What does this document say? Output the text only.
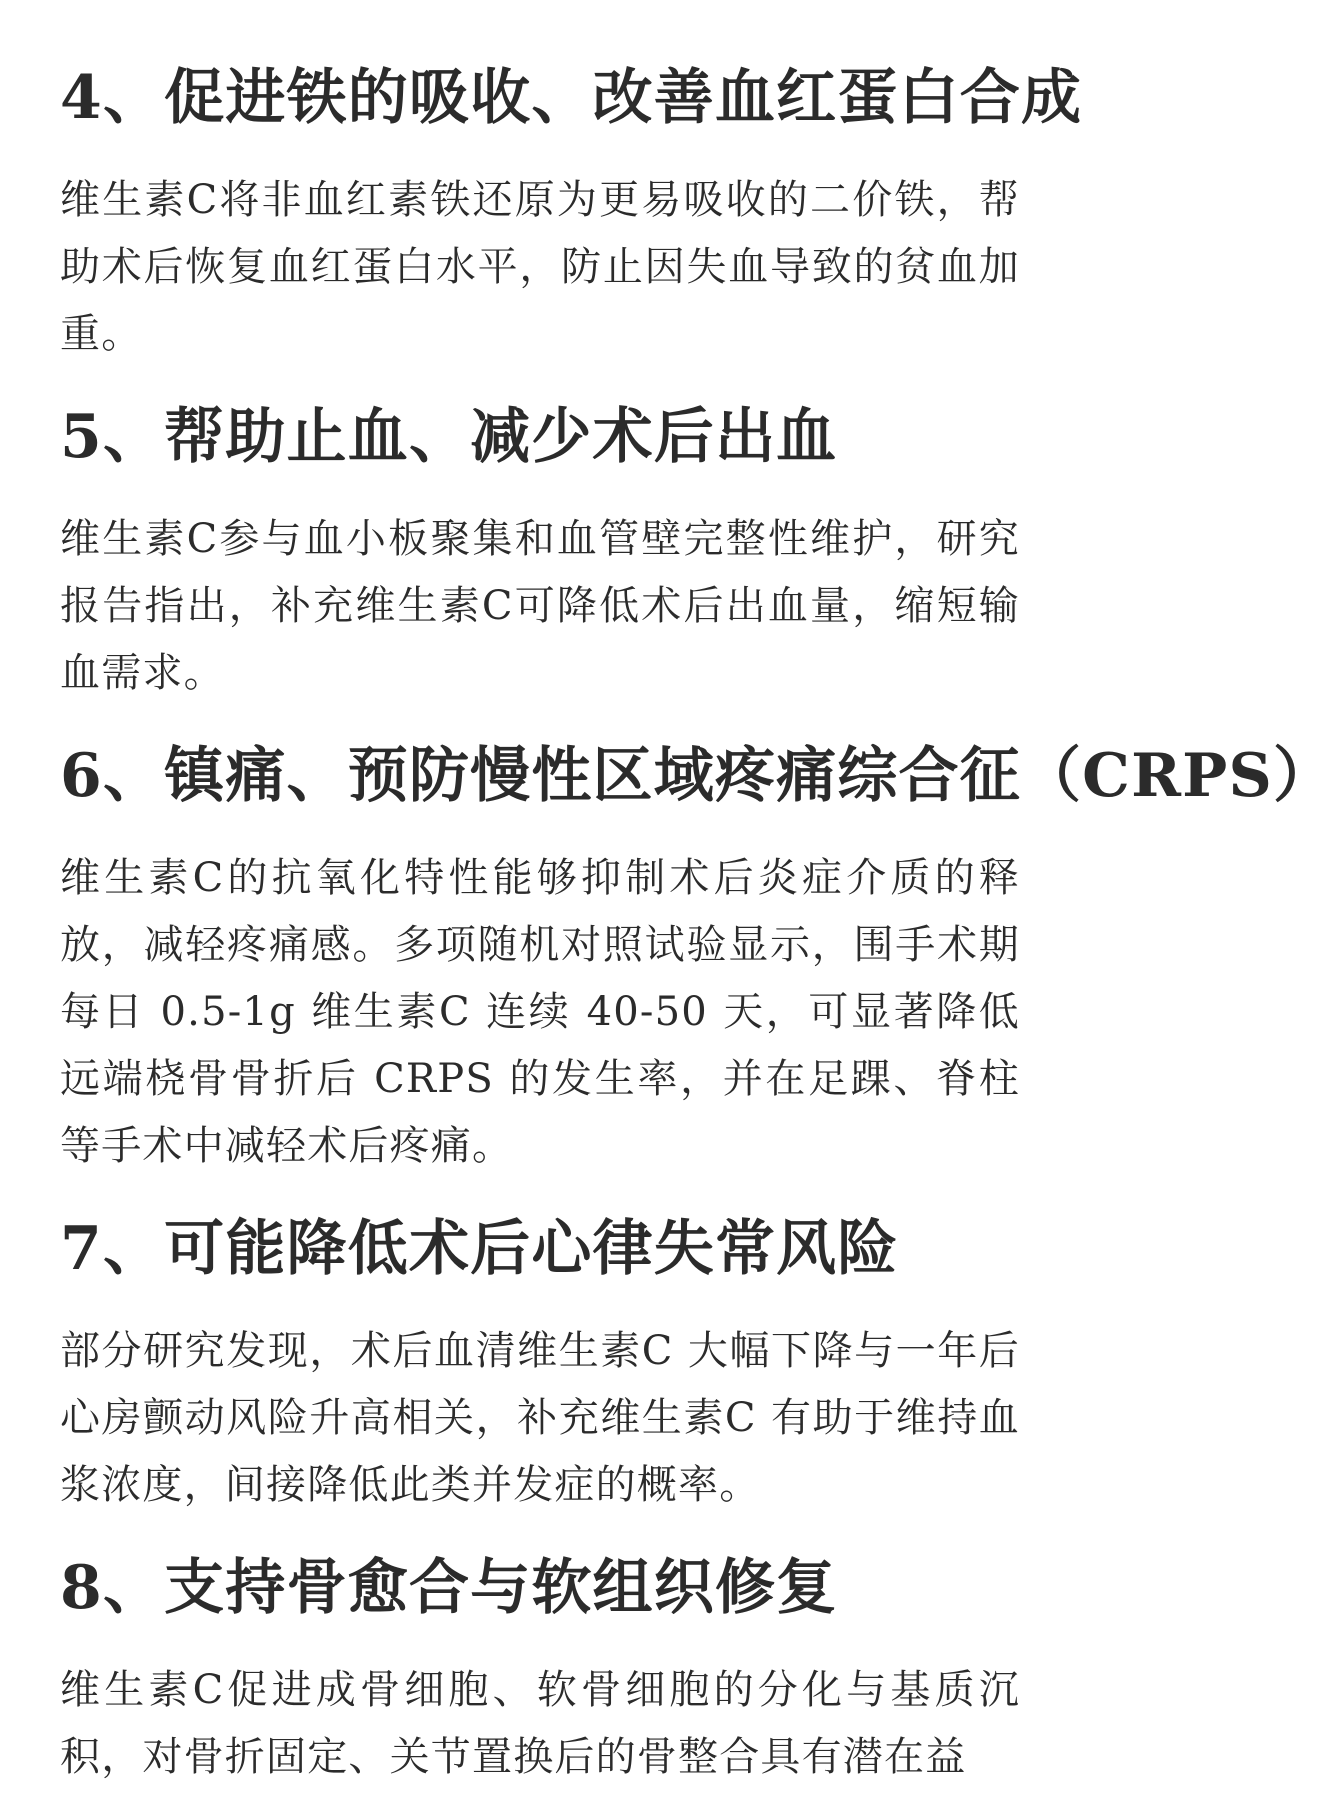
4、促进铁的吸收、改善血红蛋白合成

维生素C将非血红素铁还原为更易吸收的二价铁，帮助术后恢复血红蛋白水平，防止因失血导致的贫血加重。

5、帮助止血、减少术后出血

维生素C参与血小板聚集和血管壁完整性维护，研究报告指出，补充维生素C可降低术后出血量，缩短输血需求。

6、镇痛、预防慢性区域疼痛综合征（CRPS）

维生素C的抗氧化特性能够抑制术后炎症介质的释放，减轻疼痛感。多项随机对照试验显示，围手术期每日 0.5-1g 维生素C 连续 40-50 天，可显著降低远端桡骨骨折后 CRPS 的发生率，并在足踝、脊柱等手术中减轻术后疼痛。

7、可能降低术后心律失常风险

部分研究发现，术后血清维生素C 大幅下降与一年后心房颤动风险升高相关，补充维生素C 有助于维持血浆浓度，间接降低此类并发症的概率。

8、支持骨愈合与软组织修复

维生素C促进成骨细胞、软骨细胞的分化与基质沉积，对骨折固定、关节置换后的骨整合具有潜在益
